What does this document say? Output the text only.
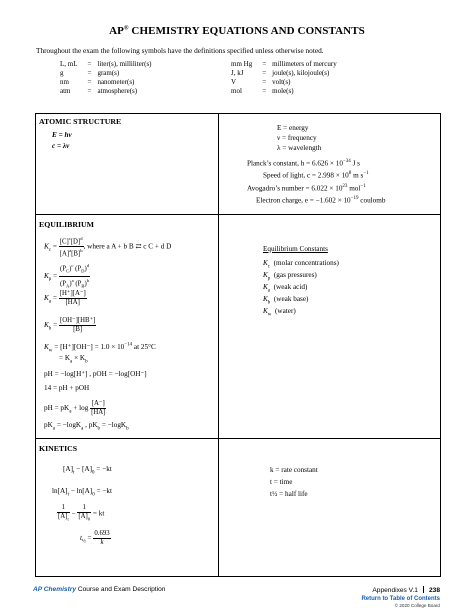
AP® CHEMISTRY EQUATIONS AND CONSTANTS
Throughout the exam the following symbols have the definitions specified unless otherwise noted.
L, mL	=	liter(s), milliliter(s)
g	=	gram(s)
nm	=	nanometer(s)
atm	=	atmosphere(s)
mm Hg	=	millimeters of mercury
J, kJ	=	joule(s), kilojoule(s)
V	=	volt(s)
mol	=	mole(s)
ATOMIC STRUCTURE
E = hν
c = λν
E = energy
ν = frequency
λ = wavelength
Planck’s constant, $h = 6.626 \times 10^{-34}$ J s
Speed of light, $c = 2.998 \times 10^8$ m $s^{-1}$
Avogadro’s number = $6.022 \times 10^{23}$ mol$^{-1}$
Electron charge, $e = -1.602 \times 10^{-19}$ coulomb
EQUILIBRIUM
$K_c = \frac{[C]^c[D]^d}{[A]^a[B]^b}$ , where a A + b B ⇄ c C + d D
$K_p = \frac{(P_C)^c (P_D)^d}{(P_A)^a (P_B)^b}$
$K_a = \frac{[H^+][A^-]}{[HA]}$
$K_b = \frac{[OH^-][HB^+]}{[B]}$
$K_w = [H^+][OH^-] = 1.0 \times 10^{-14}$ at 25°C
= $K_a \times K_b$
pH = −log[H⁺] , pOH = −log[OH⁻]
14 = pH + pOH
pH = $pK_a + \log \frac{[A^-]}{[HA]}$
$pK_a = -\log K_a$ , $pK_b = -\log K_b$
Equilibrium Constants
$K_c$ (molar concentrations)
$K_p$ (gas pressures)
$K_a$ (weak acid)
$K_b$ (weak base)
$K_w$ (water)
KINETICS
$[A]_t - [A]_0 = -kt$
$\ln[A]_t - \ln[A]_0 = -kt$
$\frac{1}{[A]_t} - \frac{1}{[A]_0}$ = kt
$t_{\frac{1}{2}} = \frac{0.693}{k}$
k = rate constant
t = time
t½ = half life
AP Chemistry Course and Exam Description	Appendixes V.1 238
Return to Table of Contents
© 2020 College Board
